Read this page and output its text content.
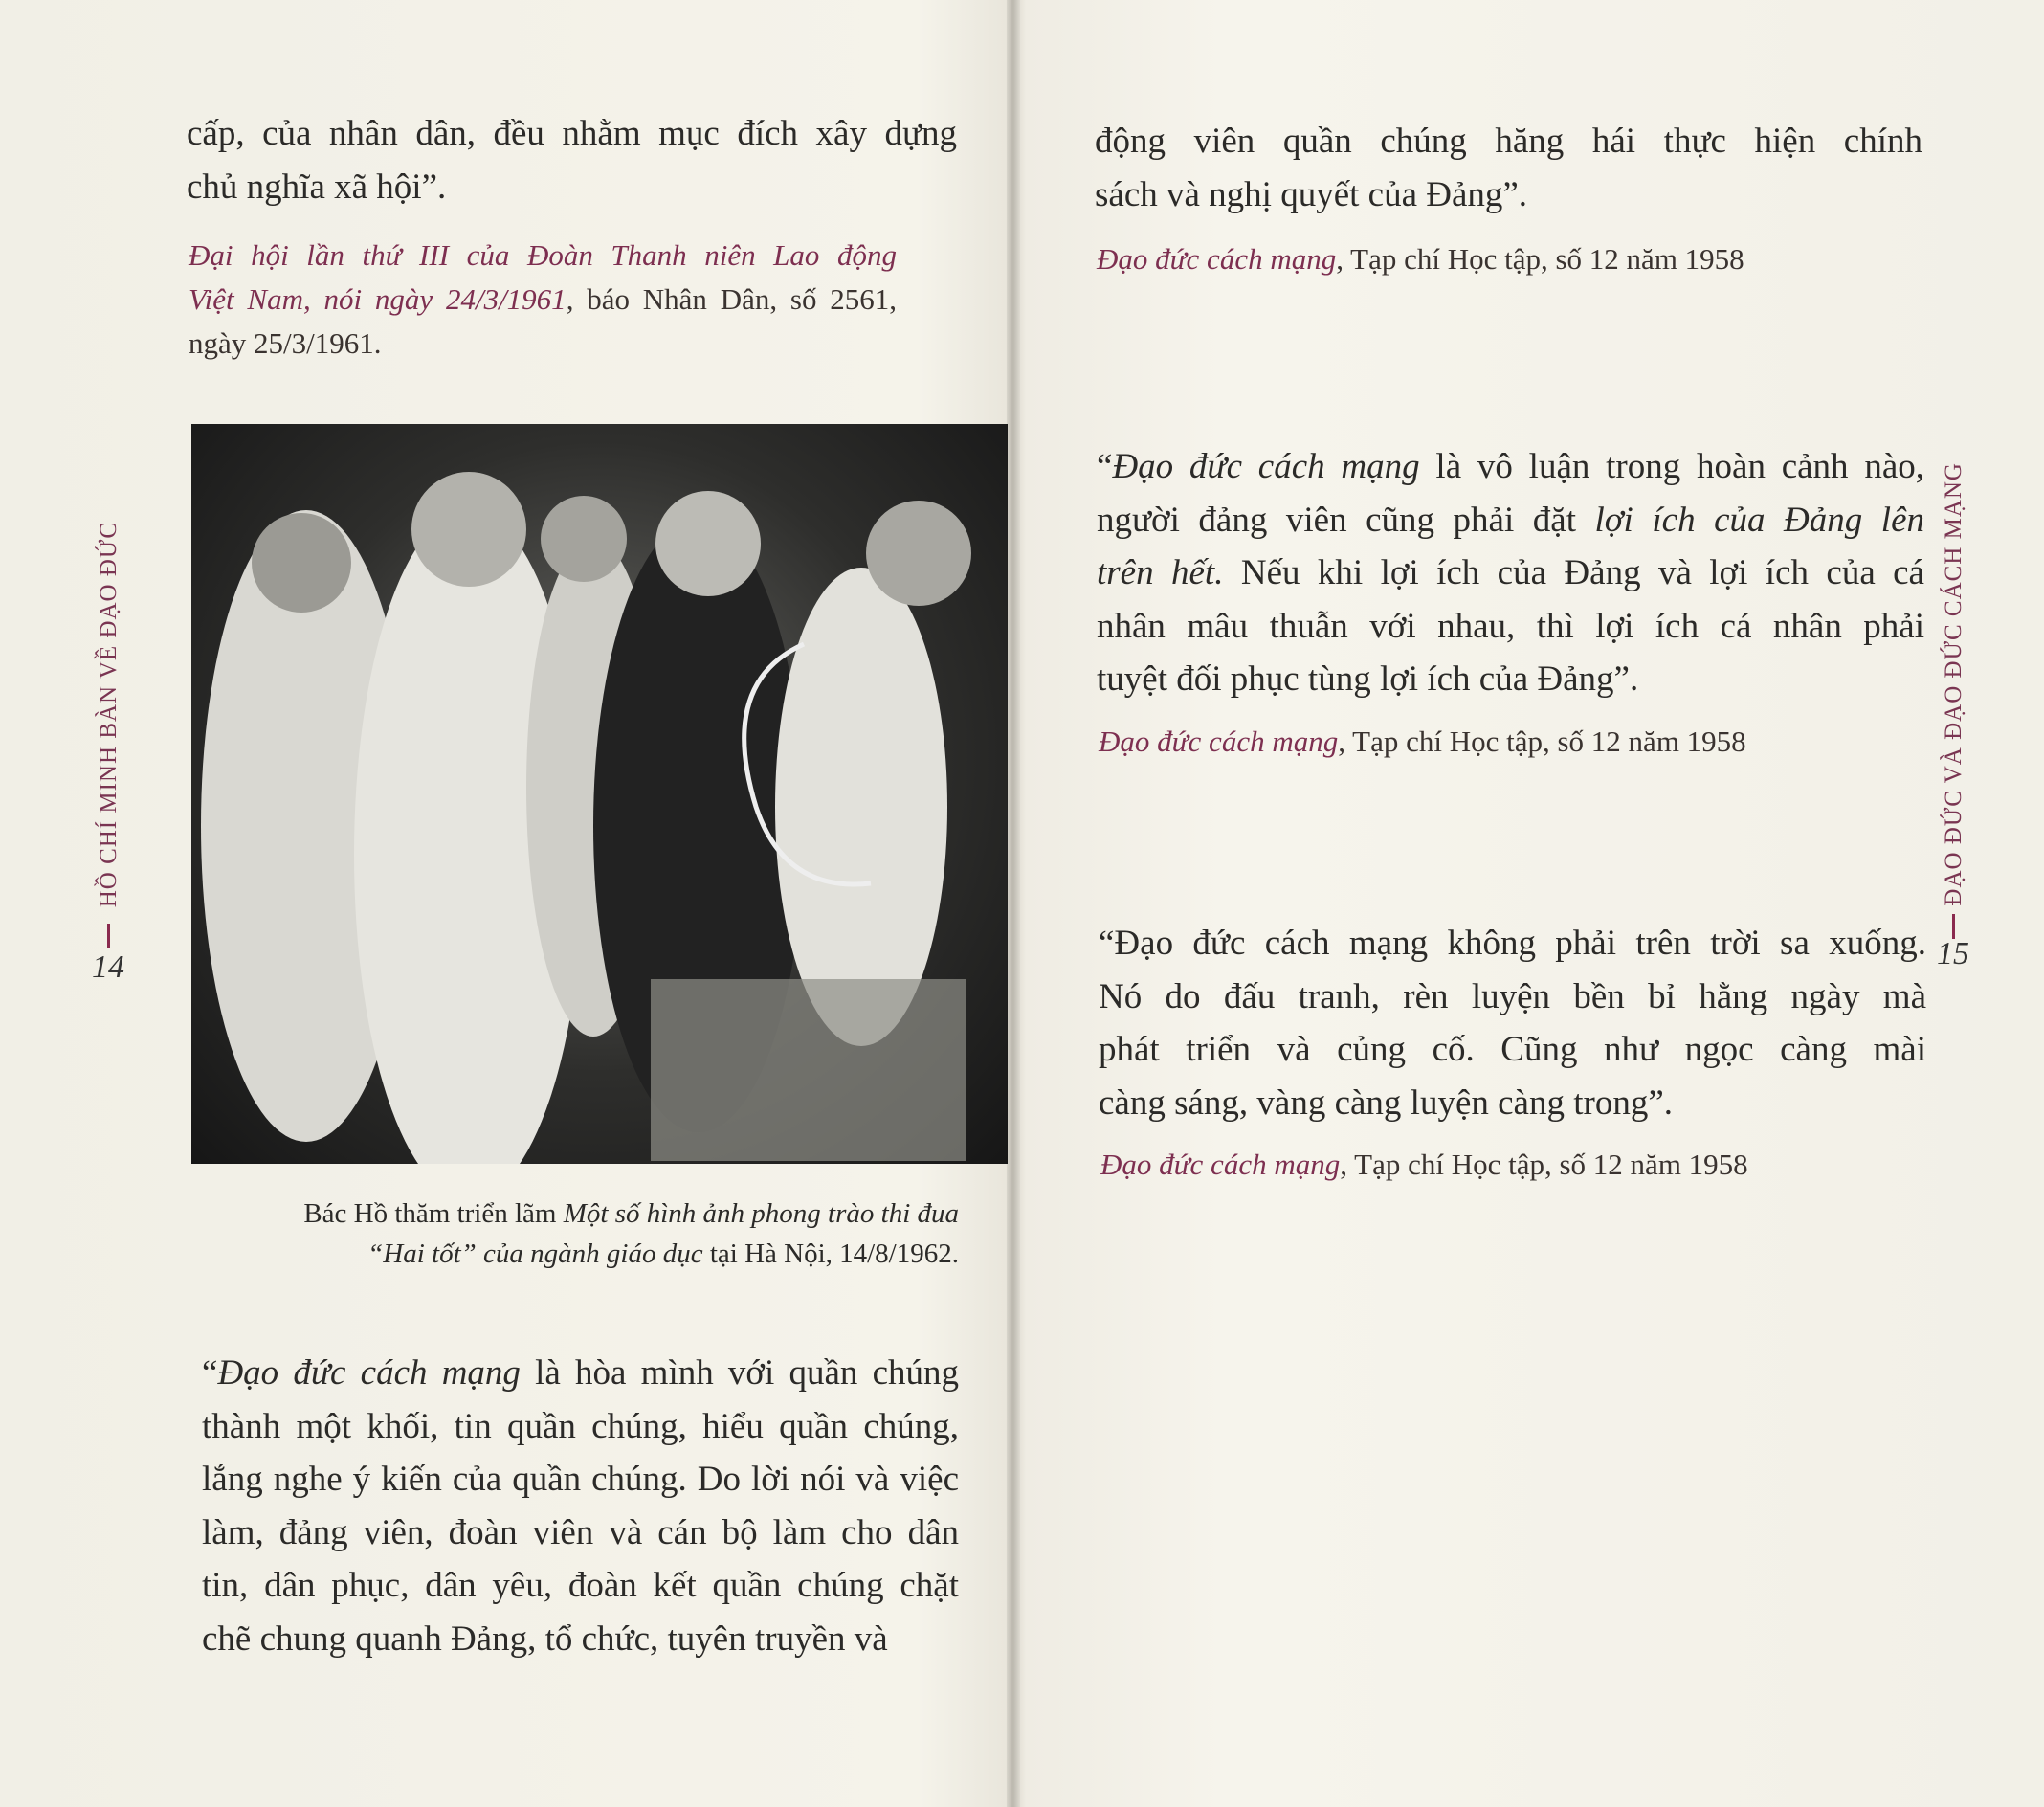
cấp, của nhân dân, đều nhằm mục đích xây dựng
chủ nghĩa xã hội”.
Đại hội lần thứ III của Đoàn Thanh niên Lao động
Việt Nam, nói ngày 24/3/1961, báo Nhân Dân, số 2561,
ngày 25/3/1961.
Bác Hồ thăm triển lãm Một số hình ảnh phong trào thi đua
“Hai tốt” của ngành giáo dục tại Hà Nội, 14/8/1962.
“Đạo đức cách mạng là hòa mình với quần chúng
thành một khối, tin quần chúng, hiểu quần chúng,
lắng nghe ý kiến của quần chúng. Do lời nói và việc
làm, đảng viên, đoàn viên và cán bộ làm cho dân
tin, dân phục, dân yêu, đoàn kết quần chúng chặt
chẽ chung quanh Đảng, tổ chức, tuyên truyền và
HỒ CHÍ MINH BÀN VỀ ĐẠO ĐỨC
14
động viên quần chúng hăng hái thực hiện chính
sách và nghị quyết của Đảng”.
Đạo đức cách mạng, Tạp chí Học tập, số 12 năm 1958
“Đạo đức cách mạng là vô luận trong hoàn cảnh nào,
người đảng viên cũng phải đặt lợi ích của Đảng lên
trên hết. Nếu khi lợi ích của Đảng và lợi ích của cá
nhân mâu thuẫn với nhau, thì lợi ích cá nhân phải
tuyệt đối phục tùng lợi ích của Đảng”.
Đạo đức cách mạng, Tạp chí Học tập, số 12 năm 1958
“Đạo đức cách mạng không phải trên trời sa xuống.
Nó do đấu tranh, rèn luyện bền bỉ hằng ngày mà
phát triển và củng cố. Cũng như ngọc càng mài
càng sáng, vàng càng luyện càng trong”.
Đạo đức cách mạng, Tạp chí Học tập, số 12 năm 1958
ĐẠO ĐỨC VÀ ĐẠO ĐỨC CÁCH MẠNG
15
